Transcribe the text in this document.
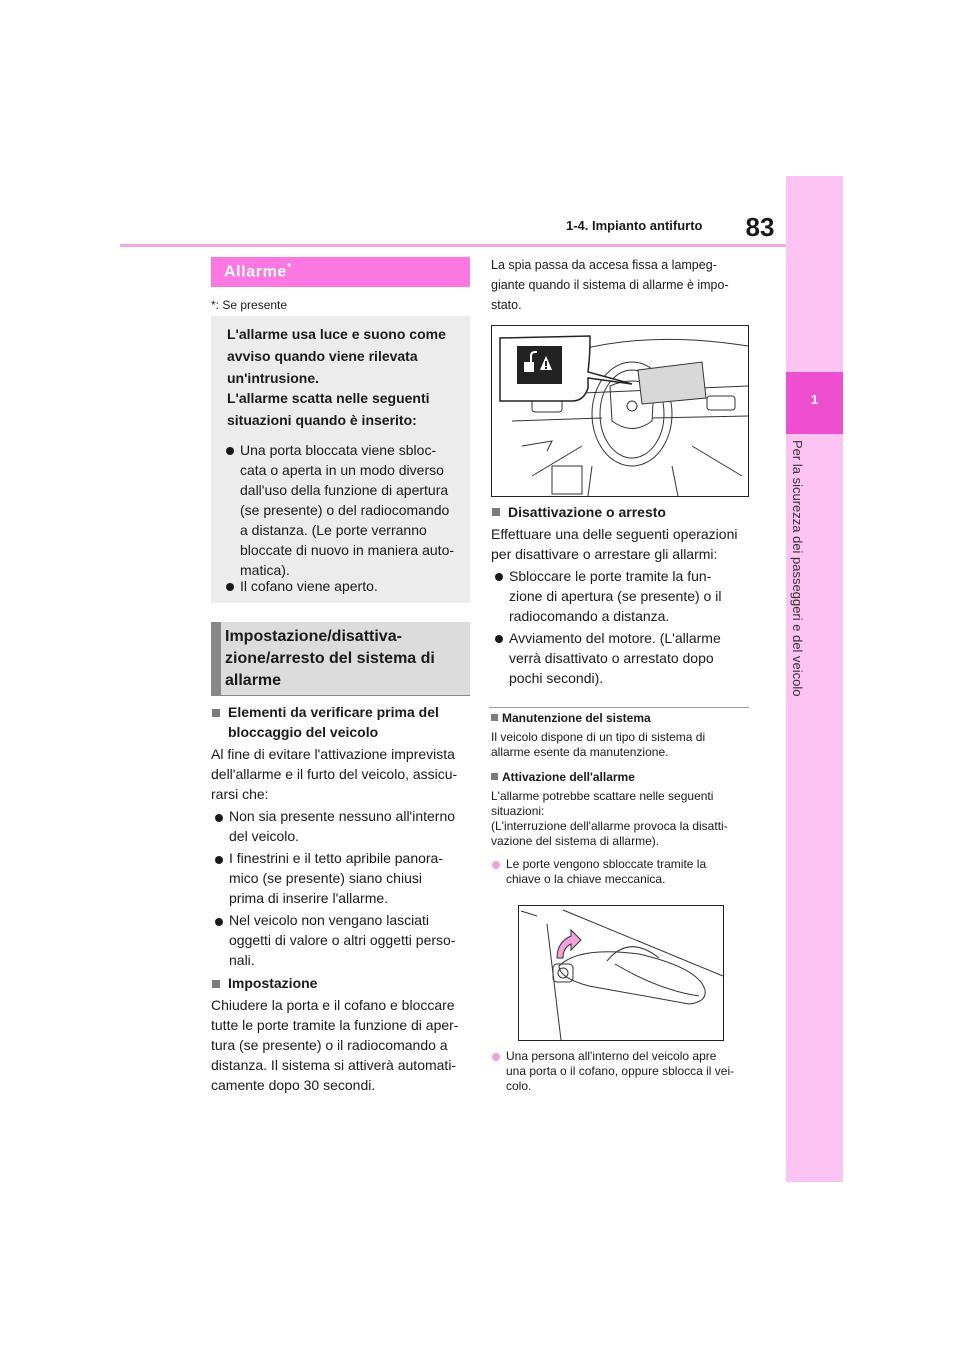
1-4. Impianto antifurto	83
1
Per la sicurezza dei passeggeri e del veicolo
Allarme*
*: Se presente
L'allarme usa luce e suono come
avviso quando viene rilevata
un'intrusione.
L'allarme scatta nelle seguenti
situazioni quando è inserito:
Una porta bloccata viene sbloc-
cata o aperta in un modo diverso
dall'uso della funzione di apertura
(se presente) o del radiocomando
a distanza. (Le porte verranno
bloccate di nuovo in maniera auto-
matica).
Il cofano viene aperto.
Impostazione/disattiva-
zione/arresto del sistema di
allarme
Elementi da verificare prima del
bloccaggio del veicolo
Al fine di evitare l'attivazione imprevista
dell'allarme e il furto del veicolo, assicu-
rarsi che:
Non sia presente nessuno all'interno
del veicolo.
I finestrini e il tetto apribile panora-
mico (se presente) siano chiusi
prima di inserire l'allarme.
Nel veicolo non vengano lasciati
oggetti di valore o altri oggetti perso-
nali.
Impostazione
Chiudere la porta e il cofano e bloccare
tutte le porte tramite la funzione di aper-
tura (se presente) o il radiocomando a
distanza. Il sistema si attiverà automati-
camente dopo 30 secondi.
La spia passa da accesa fissa a lampeg-
giante quando il sistema di allarme è impo-
stato.
Disattivazione o arresto
Effettuare una delle seguenti operazioni
per disattivare o arrestare gli allarmi:
Sbloccare le porte tramite la fun-
zione di apertura (se presente) o il
radiocomando a distanza.
Avviamento del motore. (L'allarme
verrà disattivato o arrestato dopo
pochi secondi).
Manutenzione del sistema
Il veicolo dispone di un tipo di sistema di
allarme esente da manutenzione.
Attivazione dell'allarme
L'allarme potrebbe scattare nelle seguenti
situazioni:
(L'interruzione dell'allarme provoca la disatti-
vazione del sistema di allarme).
Le porte vengono sbloccate tramite la
chiave o la chiave meccanica.
Una persona all'interno del veicolo apre
una porta o il cofano, oppure sblocca il vei-
colo.
